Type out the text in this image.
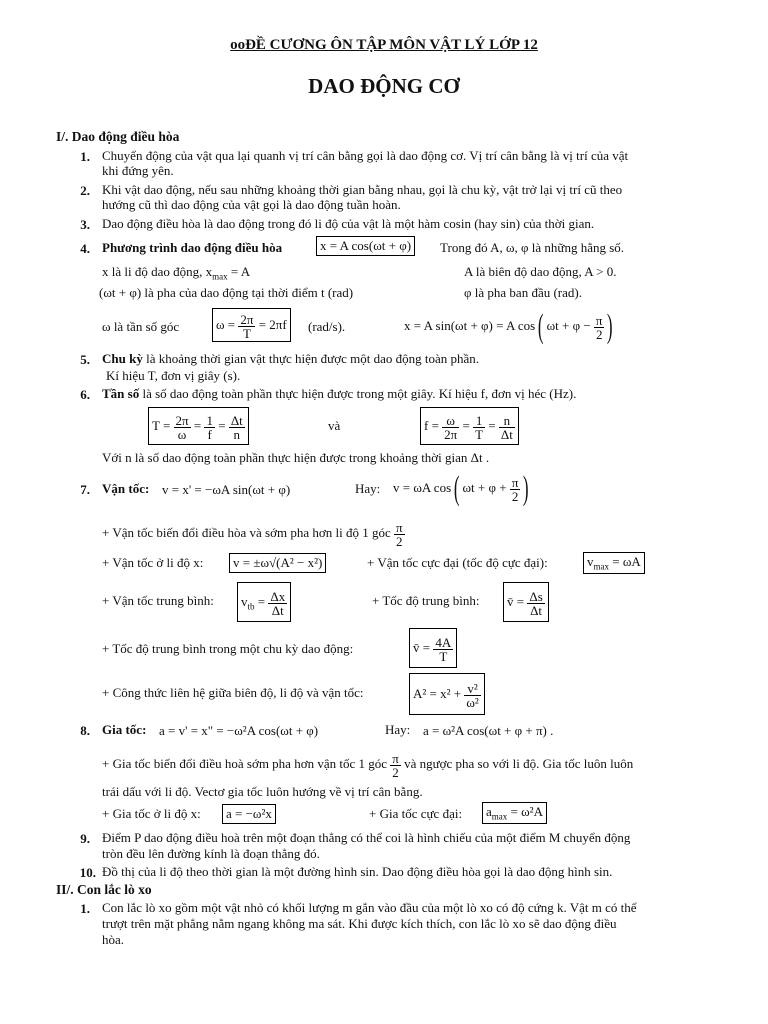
ooĐỀ CƯƠNG ÔN TẬP MÔN VẬT LÝ LỚP 12
DAO ĐỘNG CƠ
I/. Dao động điều hòa
1. Chuyển động của vật qua lại quanh vị trí cân bằng gọi là dao động cơ. Vị trí cân bằng là vị trí của vật
khi đứng yên.
2. Khi vật dao động, nếu sau những khoảng thời gian bằng nhau, gọi là chu kỳ, vật trở lại vị trí cũ theo
hướng cũ thì dao động của vật gọi là dao động tuần hoàn.
3. Dao động điều hòa là dao động trong đó li độ của vật là một hàm cosin (hay sin) của thời gian.
4. Phương trình dao động điều hòa	x = A cos(ωt + φ)	Trong đó A, ω, φ là những hằng số.
x là li độ dao động, $x_{max} = A$	A là biên độ dao động, A > 0.
(ωt + φ) là pha của dao động tại thời điểm t (rad)	φ là pha ban đầu (rad).
ω là tần số góc	$\omega = \frac{2\pi}{T} = 2\pi f$	(rad/s).	x = A sin(ωt + φ) = A cos( $\omega t + \varphi - \frac{\pi}{2}$ )
5. Chu kỳ là khoảng thời gian vật thực hiện được một dao động toàn phần.
Kí hiệu T, đơn vị giây (s).
6. Tần số là số dao động toàn phần thực hiện được trong một giây. Kí hiệu f, đơn vị héc (Hz).
$T = \frac{2\pi}{\omega} = \frac{1}{f} = \frac{\Delta t}{n}$	và	$f = \frac{\omega}{2\pi} = \frac{1}{T} = \frac{n}{\Delta t}$
Với n là số dao động toàn phần thực hiện được trong khoảng thời gian Δt .
7. Vận tốc: v = x' = −ωA sin(ωt + φ)	Hay: v = ωA cos( $\omega t + \varphi + \frac{\pi}{2}$ )
+ Vận tốc biến đổi điều hòa và sớm pha hơn li độ 1 góc $\frac{\pi}{2}$
+ Vận tốc ở li độ x:	v = ±ω√(A² − x²)	+ Vận tốc cực đại (tốc độ cực đại):	$v_{max} = \omega A$
+ Vận tốc trung bình:	$v_{tb} = \frac{\Delta x}{\Delta t}$	+ Tốc độ trung bình:	v̄ = $\frac{\Delta s}{\Delta t}$
+ Tốc độ trung bình trong một chu kỳ dao động:	v̄ = $\frac{4A}{T}$
+ Công thức liên hệ giữa biên độ, li độ và vận tốc:	$A^2 = x^2 + \frac{\text{v²}}{\text{ω²}}$
8. Gia tốc: a = v' = x" = −ω²A cos(ωt + φ)	Hay: a = ω²A cos(ωt + φ + π) .
+ Gia tốc biến đổi điều hoà sớm pha hơn vận tốc 1 góc $\frac{\pi}{2}$ và ngược pha so với li độ. Gia tốc luôn luôn
trái dấu với li độ. Vectơ gia tốc luôn hướng về vị trí cân bằng.
+ Gia tốc ở li độ x:	a = −ω²x	+ Gia tốc cực đại:	$a_{max} = \omega^2A$
9. Điểm P dao động điều hoà trên một đoạn thẳng có thể coi là hình chiếu của một điểm M chuyển động
tròn đều lên đường kính là đoạn thẳng đó.
10. Đồ thị của li độ theo thời gian là một đường hình sin. Dao động điều hòa gọi là dao động hình sin.
II/. Con lắc lò xo
1. Con lắc lò xo gồm một vật nhỏ có khối lượng m gắn vào đầu của một lò xo có độ cứng k. Vật m có thể
trượt trên mặt phẳng nằm ngang không ma sát. Khi được kích thích, con lắc lò xo sẽ dao động điều
hòa.
